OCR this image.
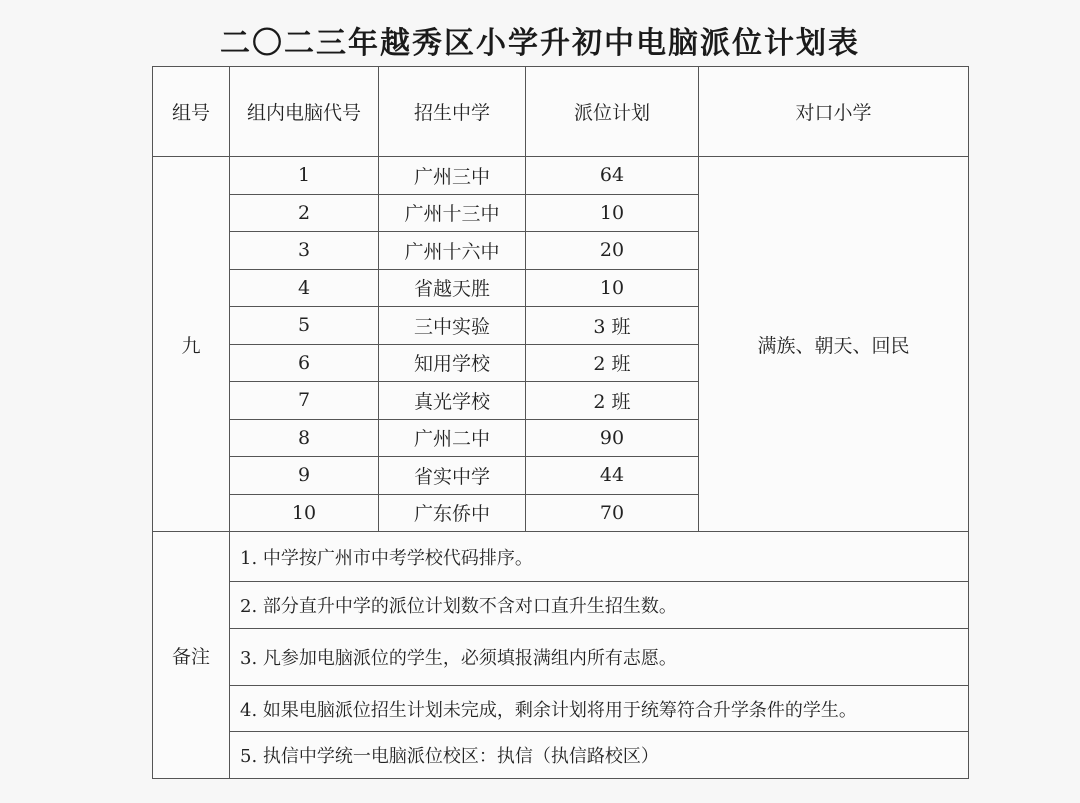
二〇二三年越秀区小学升初中电脑派位计划表
组号	组内电脑代号	招生中学	派位计划	对口小学
九	1	广州三中	64	满族、朝天、回民
	2	广州十三中	10	
	3	广州十六中	20	
	4	省越天胜	10	
	5	三中实验	3 班	
	6	知用学校	2 班	
	7	真光学校	2 班	
	8	广州二中	90	
	9	省实中学	44	
	10	广东侨中	70	
备注	1. 中学按广州市中考学校代码排序。			
	2. 部分直升中学的派位计划数不含对口直升生招生数。			
	3. 凡参加电脑派位的学生，必须填报满组内所有志愿。			
	4. 如果电脑派位招生计划未完成，剩余计划将用于统筹符合升学条件的学生。			
	5. 执信中学统一电脑派位校区：执信（执信路校区）			
